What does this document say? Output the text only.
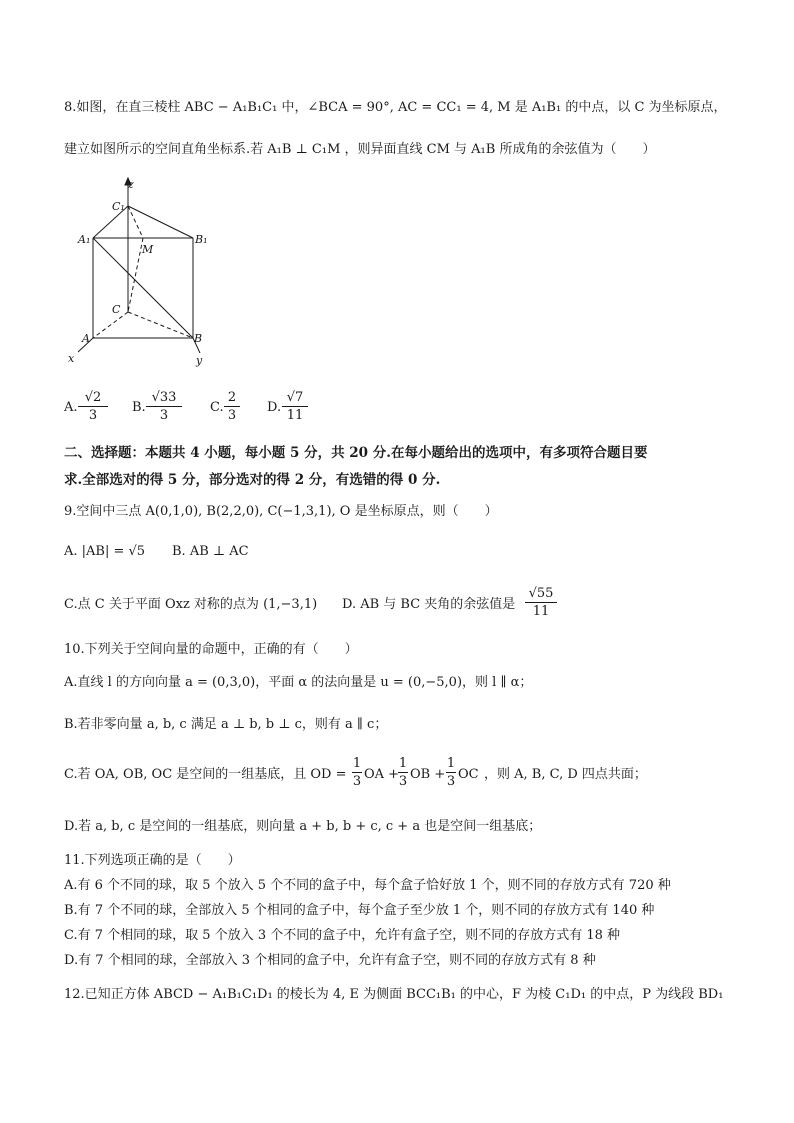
8.如图，在直三棱柱 ABC − A₁B₁C₁ 中，∠BCA = 90°, AC = CC₁ = 4, M 是 A₁B₁ 的中点，以 C 为坐标原点，
建立如图所示的空间直角坐标系.若 A₁B ⊥ C₁M ，则异面直线 CM 与 A₁B 所成角的余弦值为（　　）
z
C₁
A₁	B₁
M
C
A	B
x	y
A.
√2
3
B.
√33
3
C.
2
3
D.
√7
11
二、选择题：本题共 4 小题，每小题 5 分，共 20 分.在每小题给出的选项中，有多项符合题目要
求.全部选对的得 5 分，部分选对的得 2 分，有选错的得 0 分.
9.空间中三点 A(0,1,0), B(2,2,0), C(−1,3,1), O 是坐标原点，则（　　）
A. |AB| = √5 B. AB ⊥ AC
C.点 C 关于平面 Oxz 对称的点为 (1,−3,1) D. AB 与 BC 夹角的余弦值是
√55
11
10.下列关于空间向量的命题中，正确的有（　　）
A.直线 l 的方向向量 a = (0,3,0)，平面 α 的法向量是 u = (0,−5,0)，则 l ∥ α；
B.若非零向量 a, b, c 满足 a ⊥ b, b ⊥ c，则有 a ∥ c；
C.若 OA, OB, OC 是空间的一组基底，且 OD =
1
3 OA +
1
3 OB +
1
3 OC ，则 A, B, C, D 四点共面；
D.若 a, b, c 是空间的一组基底，则向量 a + b, b + c, c + a 也是空间一组基底；
11.下列选项正确的是（　　）
A.有 6 个不同的球，取 5 个放入 5 个不同的盒子中，每个盒子恰好放 1 个，则不同的存放方式有 720 种
B.有 7 个不同的球，全部放入 5 个相同的盒子中，每个盒子至少放 1 个，则不同的存放方式有 140 种
C.有 7 个相同的球，取 5 个放入 3 个不同的盒子中，允许有盒子空，则不同的存放方式有 18 种
D.有 7 个相同的球，全部放入 3 个相同的盒子中，允许有盒子空，则不同的存放方式有 8 种
12.已知正方体 ABCD − A₁B₁C₁D₁ 的棱长为 4, E 为侧面 BCC₁B₁ 的中心，F 为棱 C₁D₁ 的中点，P 为线段 BD₁
